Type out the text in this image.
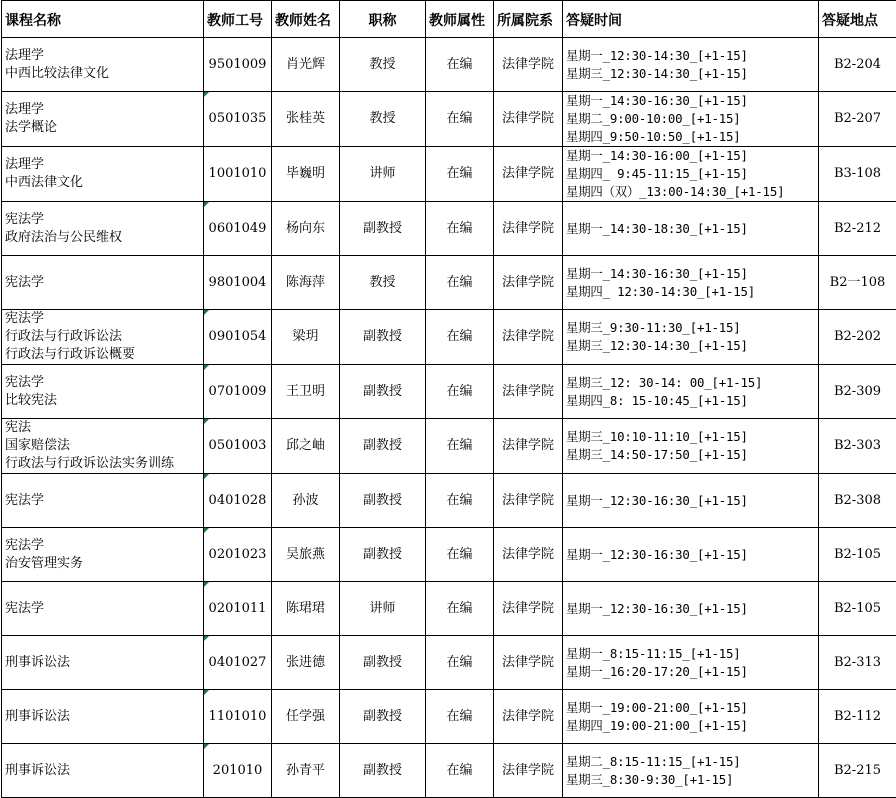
课程名称	教师工号	教师姓名	职称	教师属性	所属院系	答疑时间	答疑地点

法理学
中西比较法律文化	9501009	肖光辉	教授	在编	法律学院	星期一_12:30-14:30_[+1-15]
星期三_12:30-14:30_[+1-15]	B2-204

法理学
法学概论	0501035	张桂英	教授	在编	法律学院	星期一_14:30-16:30_[+1-15]
星期二_9:00-10:00_[+1-15]
星期四_9:50-10:50_[+1-15]	B2-207

法理学
中西法律文化	1001010	毕巍明	讲师	在编	法律学院	星期一_14:30-16:00_[+1-15]
星期四_ 9:45-11:15_[+1-15]
星期四（双）_13:00-14:30_[+1-15]	B3-108

宪法学
政府法治与公民维权	0601049	杨向东	副教授	在编	法律学院	星期一_14:30-18:30_[+1-15]	B2-212

宪法学	9801004	陈海萍	教授	在编	法律学院	星期一_14:30-16:30_[+1-15]
星期四_ 12:30-14:30_[+1-15]	B2一108

宪法学
行政法与行政诉讼法
行政法与行政诉讼概要	0901054	梁玥	副教授	在编	法律学院	星期三_9:30-11:30_[+1-15]
星期三_12:30-14:30_[+1-15]	B2-202

宪法学
比较宪法	0701009	王卫明	副教授	在编	法律学院	星期三_12: 30-14: 00_[+1-15]
星期四_8: 15-10:45_[+1-15]	B2-309

宪法
国家赔偿法
行政法与行政诉讼法实务训练	0501003	邱之岫	副教授	在编	法律学院	星期三_10:10-11:10_[+1-15]
星期三_14:50-17:50_[+1-15]	B2-303

宪法学	0401028	孙波	副教授	在编	法律学院	星期一_12:30-16:30_[+1-15]	B2-308

宪法学
治安管理实务	0201023	吴旅燕	副教授	在编	法律学院	星期一_12:30-16:30_[+1-15]	B2-105

宪法学	0201011	陈珺珺	讲师	在编	法律学院	星期一_12:30-16:30_[+1-15]	B2-105

刑事诉讼法	0401027	张进德	副教授	在编	法律学院	星期一_8:15-11:15_[+1-15]
星期一_16:20-17:20_[+1-15]	B2-313

刑事诉讼法	1101010	任学强	副教授	在编	法律学院	星期一_19:00-21:00_[+1-15]
星期四_19:00-21:00_[+1-15]	B2-112

刑事诉讼法	201010	孙青平	副教授	在编	法律学院	星期二_8:15-11:15_[+1-15]
星期三_8:30-9:30_[+1-15]	B2-215
